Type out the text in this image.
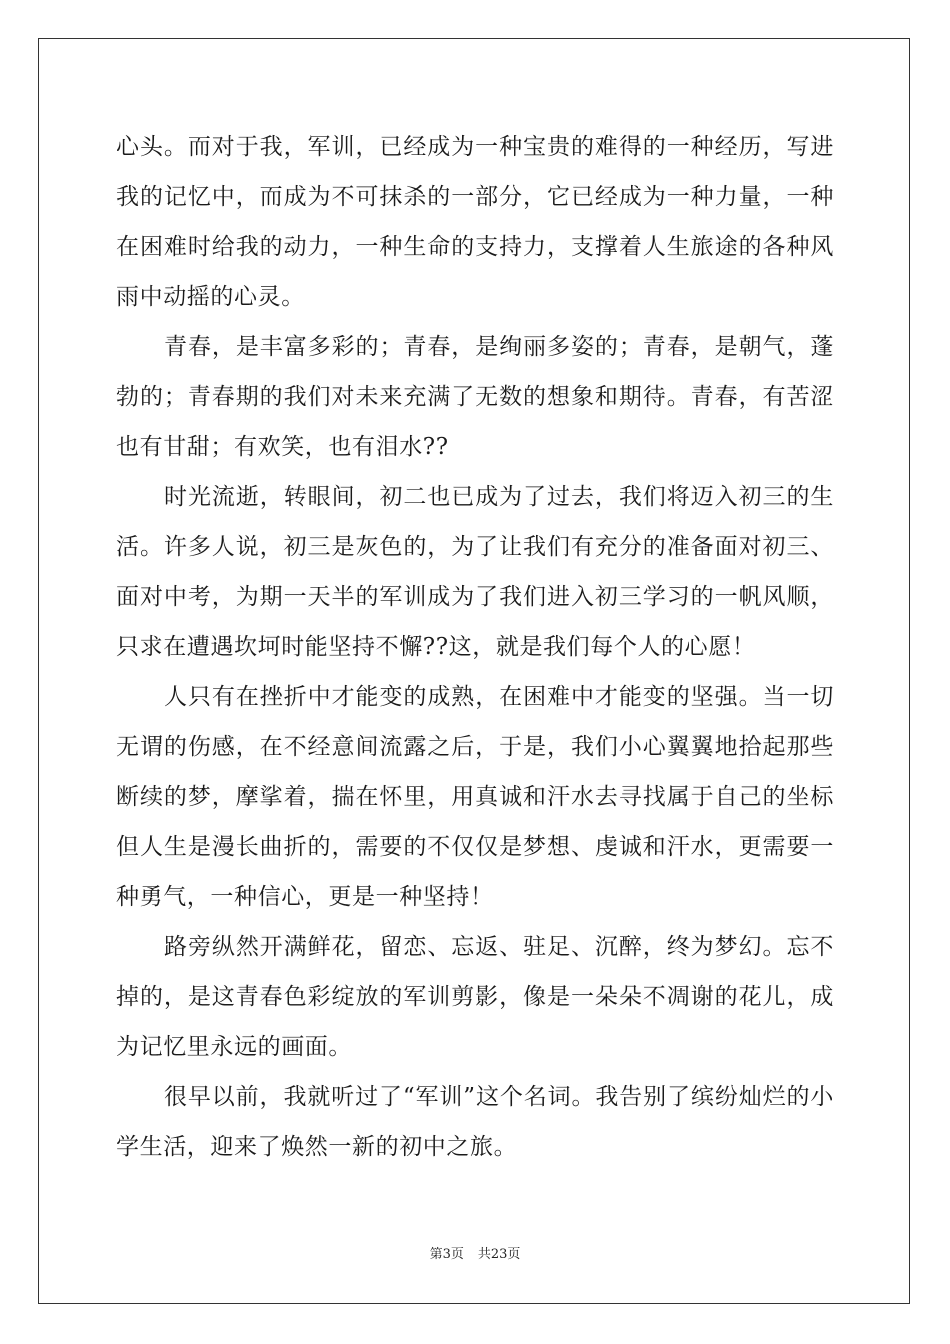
心头。而对于我，军训，已经成为一种宝贵的难得的一种经历，写进我的记忆中，而成为不可抹杀的一部分，它已经成为一种力量，一种在困难时给我的动力，一种生命的支持力，支撑着人生旅途的各种风雨中动摇的心灵。

青春，是丰富多彩的；青春，是绚丽多姿的；青春，是朝气，蓬勃的；青春期的我们对未来充满了无数的想象和期待。青春，有苦涩也有甘甜；有欢笑，也有泪水??

时光流逝，转眼间，初二也已成为了过去，我们将迈入初三的生活。许多人说，初三是灰色的，为了让我们有充分的准备面对初三、面对中考，为期一天半的军训成为了我们进入初三学习的一帆风顺，只求在遭遇坎坷时能坚持不懈??这，就是我们每个人的心愿！

人只有在挫折中才能变的成熟，在困难中才能变的坚强。当一切无谓的伤感，在不经意间流露之后，于是，我们小心翼翼地拾起那些断续的梦，摩挲着，揣在怀里，用真诚和汗水去寻找属于自己的坐标但人生是漫长曲折的，需要的不仅仅是梦想、虔诚和汗水，更需要一种勇气，一种信心，更是一种坚持！

路旁纵然开满鲜花，留恋、忘返、驻足、沉醉，终为梦幻。忘不掉的，是这青春色彩绽放的军训剪影，像是一朵朵不凋谢的花儿，成为记忆里永远的画面。

很早以前，我就听过了“军训”这个名词。我告别了缤纷灿烂的小学生活，迎来了焕然一新的初中之旅。

第3页 共23页
